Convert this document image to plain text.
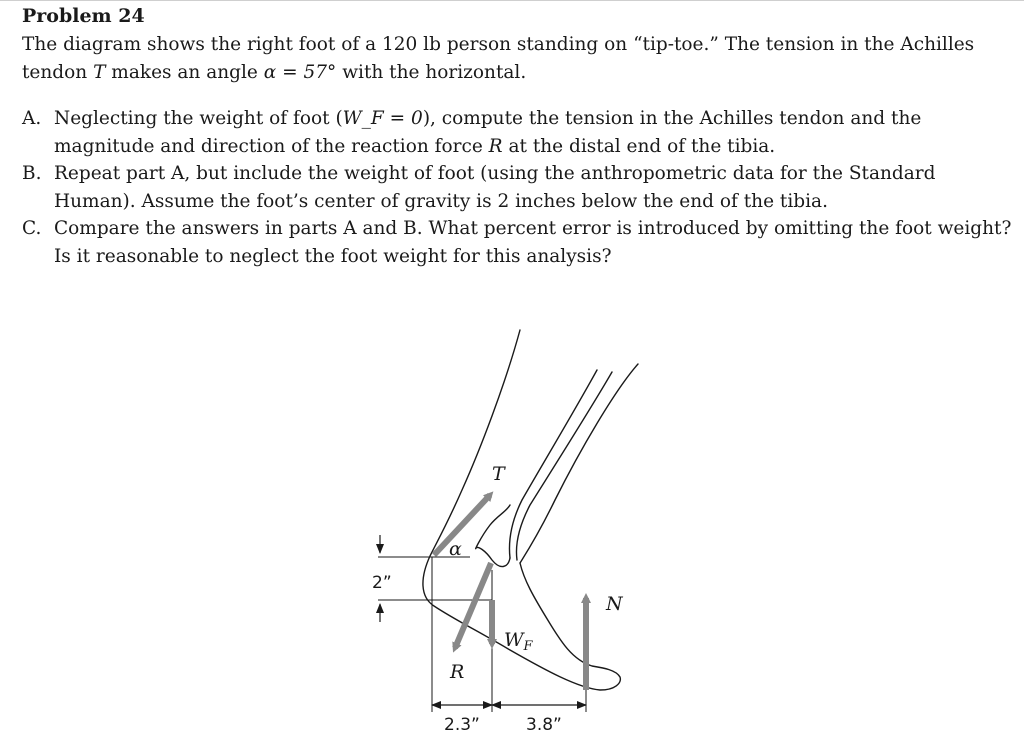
Problem 24
The diagram shows the right foot of a 120 lb person standing on “tip-toe.” The tension in the Achilles tendon T makes an angle α = 57° with the horizontal.
A. Neglecting the weight of foot (W_F = 0), compute the tension in the Achilles tendon and the magnitude and direction of the reaction force R at the distal end of the tibia.
B. Repeat part A, but include the weight of foot (using the anthropometric data for the Standard Human). Assume the foot’s center of gravity is 2 inches below the end of the tibia.
C. Compare the answers in parts A and B. What percent error is introduced by omitting the foot weight? Is it reasonable to neglect the foot weight for this analysis?
2”
2.3”	3.8”
T
α
R
$W_F$
N
